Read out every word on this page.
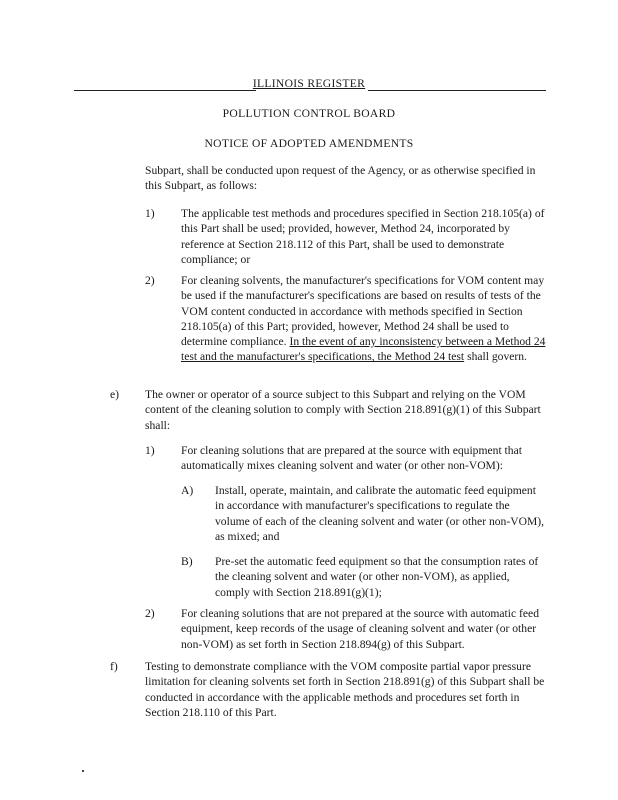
ILLINOIS REGISTER
POLLUTION CONTROL BOARD
NOTICE OF ADOPTED AMENDMENTS

Subpart, shall be conducted upon request of the Agency, or as otherwise specified in this Subpart, as follows:

1) The applicable test methods and procedures specified in Section 218.105(a) of this Part shall be used; provided, however, Method 24, incorporated by reference at Section 218.112 of this Part, shall be used to demonstrate compliance; or

2) For cleaning solvents, the manufacturer's specifications for VOM content may be used if the manufacturer's specifications are based on results of tests of the VOM content conducted in accordance with methods specified in Section 218.105(a) of this Part; provided, however, Method 24 shall be used to determine compliance. In the event of any inconsistency between a Method 24 test and the manufacturer's specifications, the Method 24 test shall govern.

e) The owner or operator of a source subject to this Subpart and relying on the VOM content of the cleaning solution to comply with Section 218.891(g)(1) of this Subpart shall:

1) For cleaning solutions that are prepared at the source with equipment that automatically mixes cleaning solvent and water (or other non-VOM):

A) Install, operate, maintain, and calibrate the automatic feed equipment in accordance with manufacturer's specifications to regulate the volume of each of the cleaning solvent and water (or other non-VOM), as mixed; and

B) Pre-set the automatic feed equipment so that the consumption rates of the cleaning solvent and water (or other non-VOM), as applied, comply with Section 218.891(g)(1);

2) For cleaning solutions that are not prepared at the source with automatic feed equipment, keep records of the usage of cleaning solvent and water (or other non-VOM) as set forth in Section 218.894(g) of this Subpart.

f) Testing to demonstrate compliance with the VOM composite partial vapor pressure limitation for cleaning solvents set forth in Section 218.891(g) of this Subpart shall be conducted in accordance with the applicable methods and procedures set forth in Section 218.110 of this Part.
